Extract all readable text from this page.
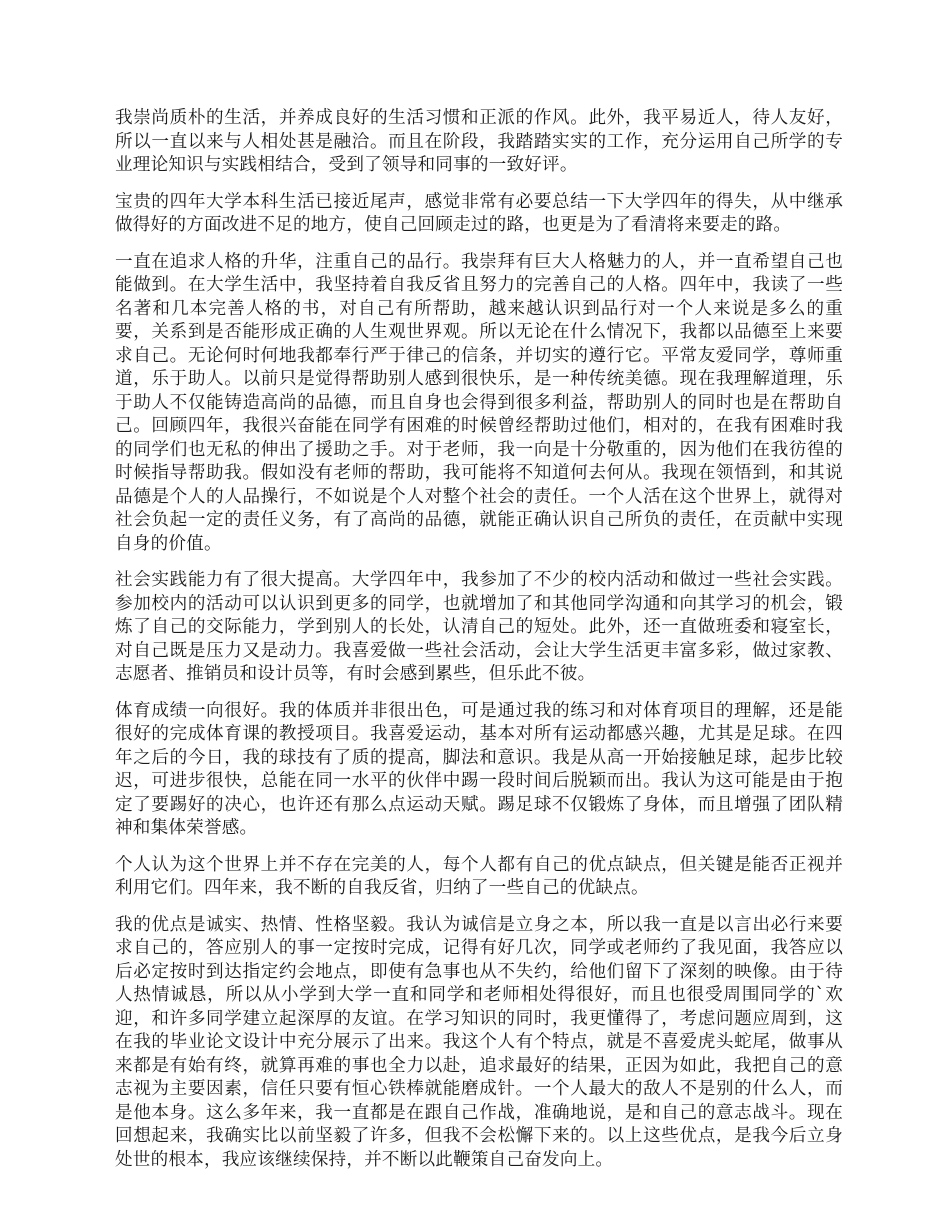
我崇尚质朴的生活，并养成良好的生活习惯和正派的作风。此外，我平易近人，待人友好，所以一直以来与人相处甚是融洽。而且在阶段，我踏踏实实的工作，充分运用自己所学的专业理论知识与实践相结合，受到了领导和同事的一致好评。

宝贵的四年大学本科生活已接近尾声，感觉非常有必要总结一下大学四年的得失，从中继承做得好的方面改进不足的地方，使自己回顾走过的路，也更是为了看清将来要走的路。

一直在追求人格的升华，注重自己的品行。我崇拜有巨大人格魅力的人，并一直希望自己也能做到。在大学生活中，我坚持着自我反省且努力的完善自己的人格。四年中，我读了一些名著和几本完善人格的书，对自己有所帮助，越来越认识到品行对一个人来说是多么的重要，关系到是否能形成正确的人生观世界观。所以无论在什么情况下，我都以品德至上来要求自己。无论何时何地我都奉行严于律己的信条，并切实的遵行它。平常友爱同学，尊师重道，乐于助人。以前只是觉得帮助别人感到很快乐，是一种传统美德。现在我理解道理，乐于助人不仅能铸造高尚的品德，而且自身也会得到很多利益，帮助别人的同时也是在帮助自己。回顾四年，我很兴奋能在同学有困难的时候曾经帮助过他们，相对的，在我有困难时我的同学们也无私的伸出了援助之手。对于老师，我一向是十分敬重的，因为他们在我彷徨的时候指导帮助我。假如没有老师的帮助，我可能将不知道何去何从。我现在领悟到，和其说品德是个人的人品操行，不如说是个人对整个社会的责任。一个人活在这个世界上，就得对社会负起一定的责任义务，有了高尚的品德，就能正确认识自己所负的责任，在贡献中实现自身的价值。

社会实践能力有了很大提高。大学四年中，我参加了不少的校内活动和做过一些社会实践。参加校内的活动可以认识到更多的同学，也就增加了和其他同学沟通和向其学习的机会，锻炼了自己的交际能力，学到别人的长处，认清自己的短处。此外，还一直做班委和寝室长，对自己既是压力又是动力。我喜爱做一些社会活动，会让大学生活更丰富多彩，做过家教、志愿者、推销员和设计员等，有时会感到累些，但乐此不彼。

体育成绩一向很好。我的体质并非很出色，可是通过我的练习和对体育项目的理解，还是能很好的完成体育课的教授项目。我喜爱运动，基本对所有运动都感兴趣，尤其是足球。在四年之后的今日，我的球技有了质的提高，脚法和意识。我是从高一开始接触足球，起步比较迟，可进步很快，总能在同一水平的伙伴中踢一段时间后脱颖而出。我认为这可能是由于抱定了要踢好的决心，也许还有那么点运动天赋。踢足球不仅锻炼了身体，而且增强了团队精神和集体荣誉感。

个人认为这个世界上并不存在完美的人，每个人都有自己的优点缺点，但关键是能否正视并利用它们。四年来，我不断的自我反省，归纳了一些自己的优缺点。

我的优点是诚实、热情、性格坚毅。我认为诚信是立身之本，所以我一直是以言出必行来要求自己的，答应别人的事一定按时完成，记得有好几次，同学或老师约了我见面，我答应以后必定按时到达指定约会地点，即使有急事也从不失约，给他们留下了深刻的映像。由于待人热情诚恳，所以从小学到大学一直和同学和老师相处得很好，而且也很受周围同学的`欢迎，和许多同学建立起深厚的友谊。在学习知识的同时，我更懂得了，考虑问题应周到，这在我的毕业论文设计中充分展示了出来。我这个人有个特点，就是不喜爱虎头蛇尾，做事从来都是有始有终，就算再难的事也全力以赴，追求最好的结果，正因为如此，我把自己的意志视为主要因素，信任只要有恒心铁棒就能磨成针。一个人最大的敌人不是别的什么人，而是他本身。这么多年来，我一直都是在跟自己作战，准确地说，是和自己的意志战斗。现在回想起来，我确实比以前坚毅了许多，但我不会松懈下来的。以上这些优点，是我今后立身处世的根本，我应该继续保持，并不断以此鞭策自己奋发向上。
